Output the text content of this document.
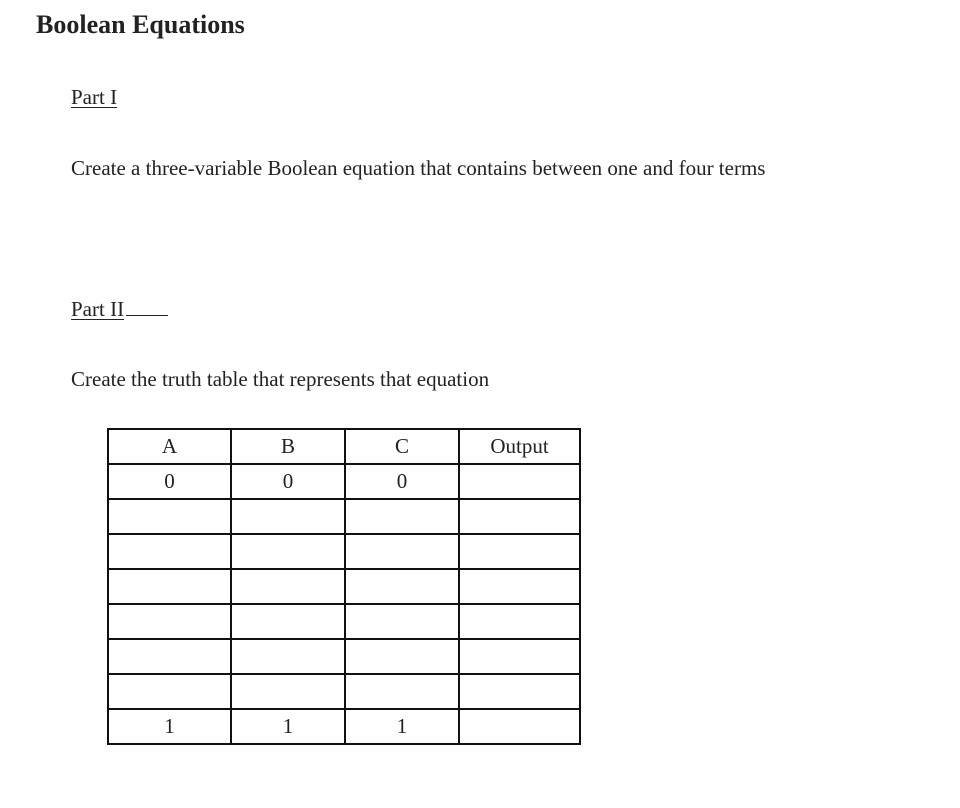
Boolean Equations

Part I

Create a three-variable Boolean equation that contains between one and four terms

Part II

Create the truth table that represents that equation

A	B	C	Output
0	0	0	

1	1	1	
